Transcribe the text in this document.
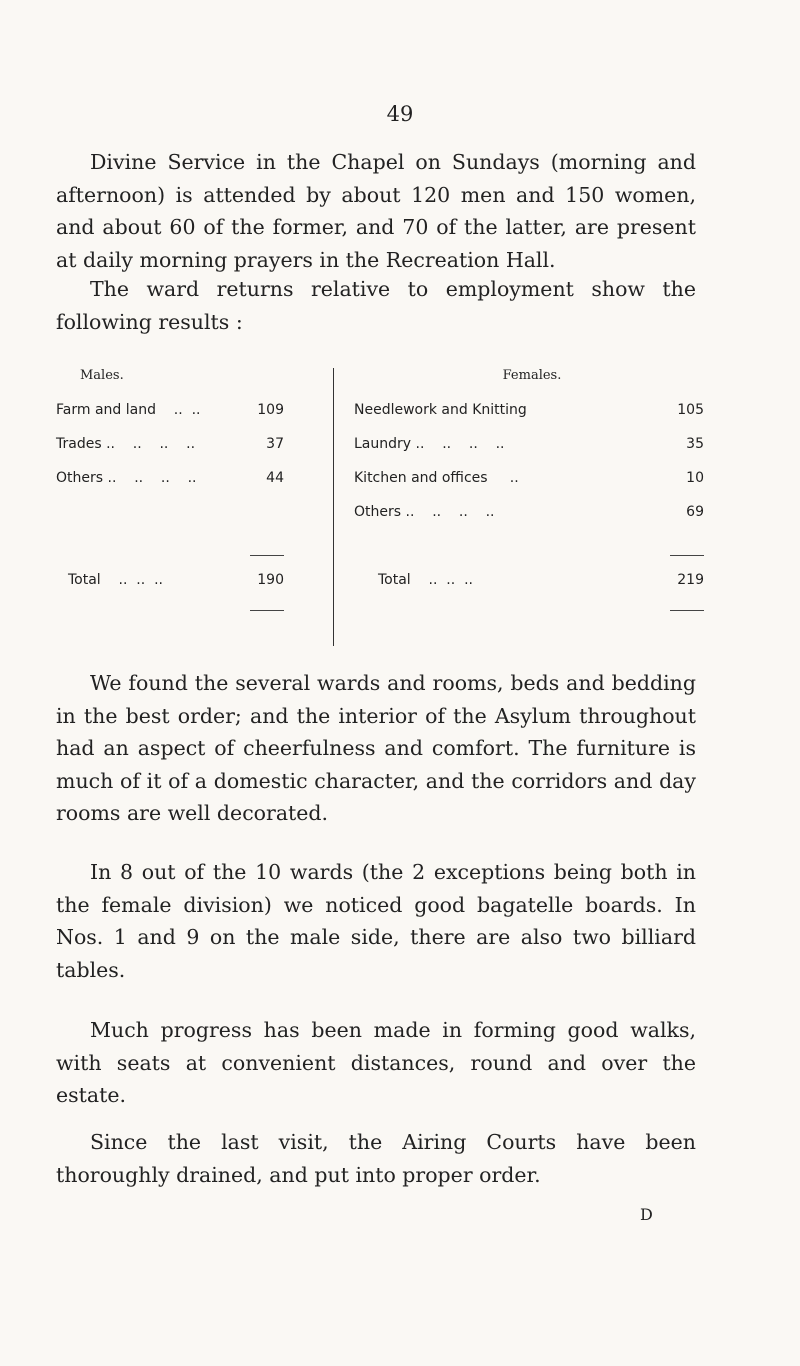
49

Divine Service in the Chapel on Sundays (morning and afternoon) is attended by about 120 men and 150 women, and about 60 of the former, and 70 of the latter, are present at daily morning prayers in the Recreation Hall.

The ward returns relative to employment show the following results :

Males.
Farm and land    ..  ..	109
Trades ..    ..    ..    ..	37
Others ..    ..    ..    ..	44
Total    ..  ..  ..	190
Females.
Needlework and Knitting	105
Laundry ..    ..    ..    ..	35
Kitchen and offices     ..	10
Others ..    ..    ..    ..	69
Total    ..  ..  ..	219

We found the several wards and rooms, beds and bedding in the best order; and the interior of the Asylum throughout had an aspect of cheerfulness and comfort. The furniture is much of it of a domestic character, and the corridors and day rooms are well decorated.

In 8 out of the 10 wards (the 2 exceptions being both in the female division) we noticed good bagatelle boards. In Nos. 1 and 9 on the male side, there are also two billiard tables.

Much progress has been made in forming good walks, with seats at convenient distances, round and over the estate.

Since the last visit, the Airing Courts have been thoroughly drained, and put into proper order.

D
